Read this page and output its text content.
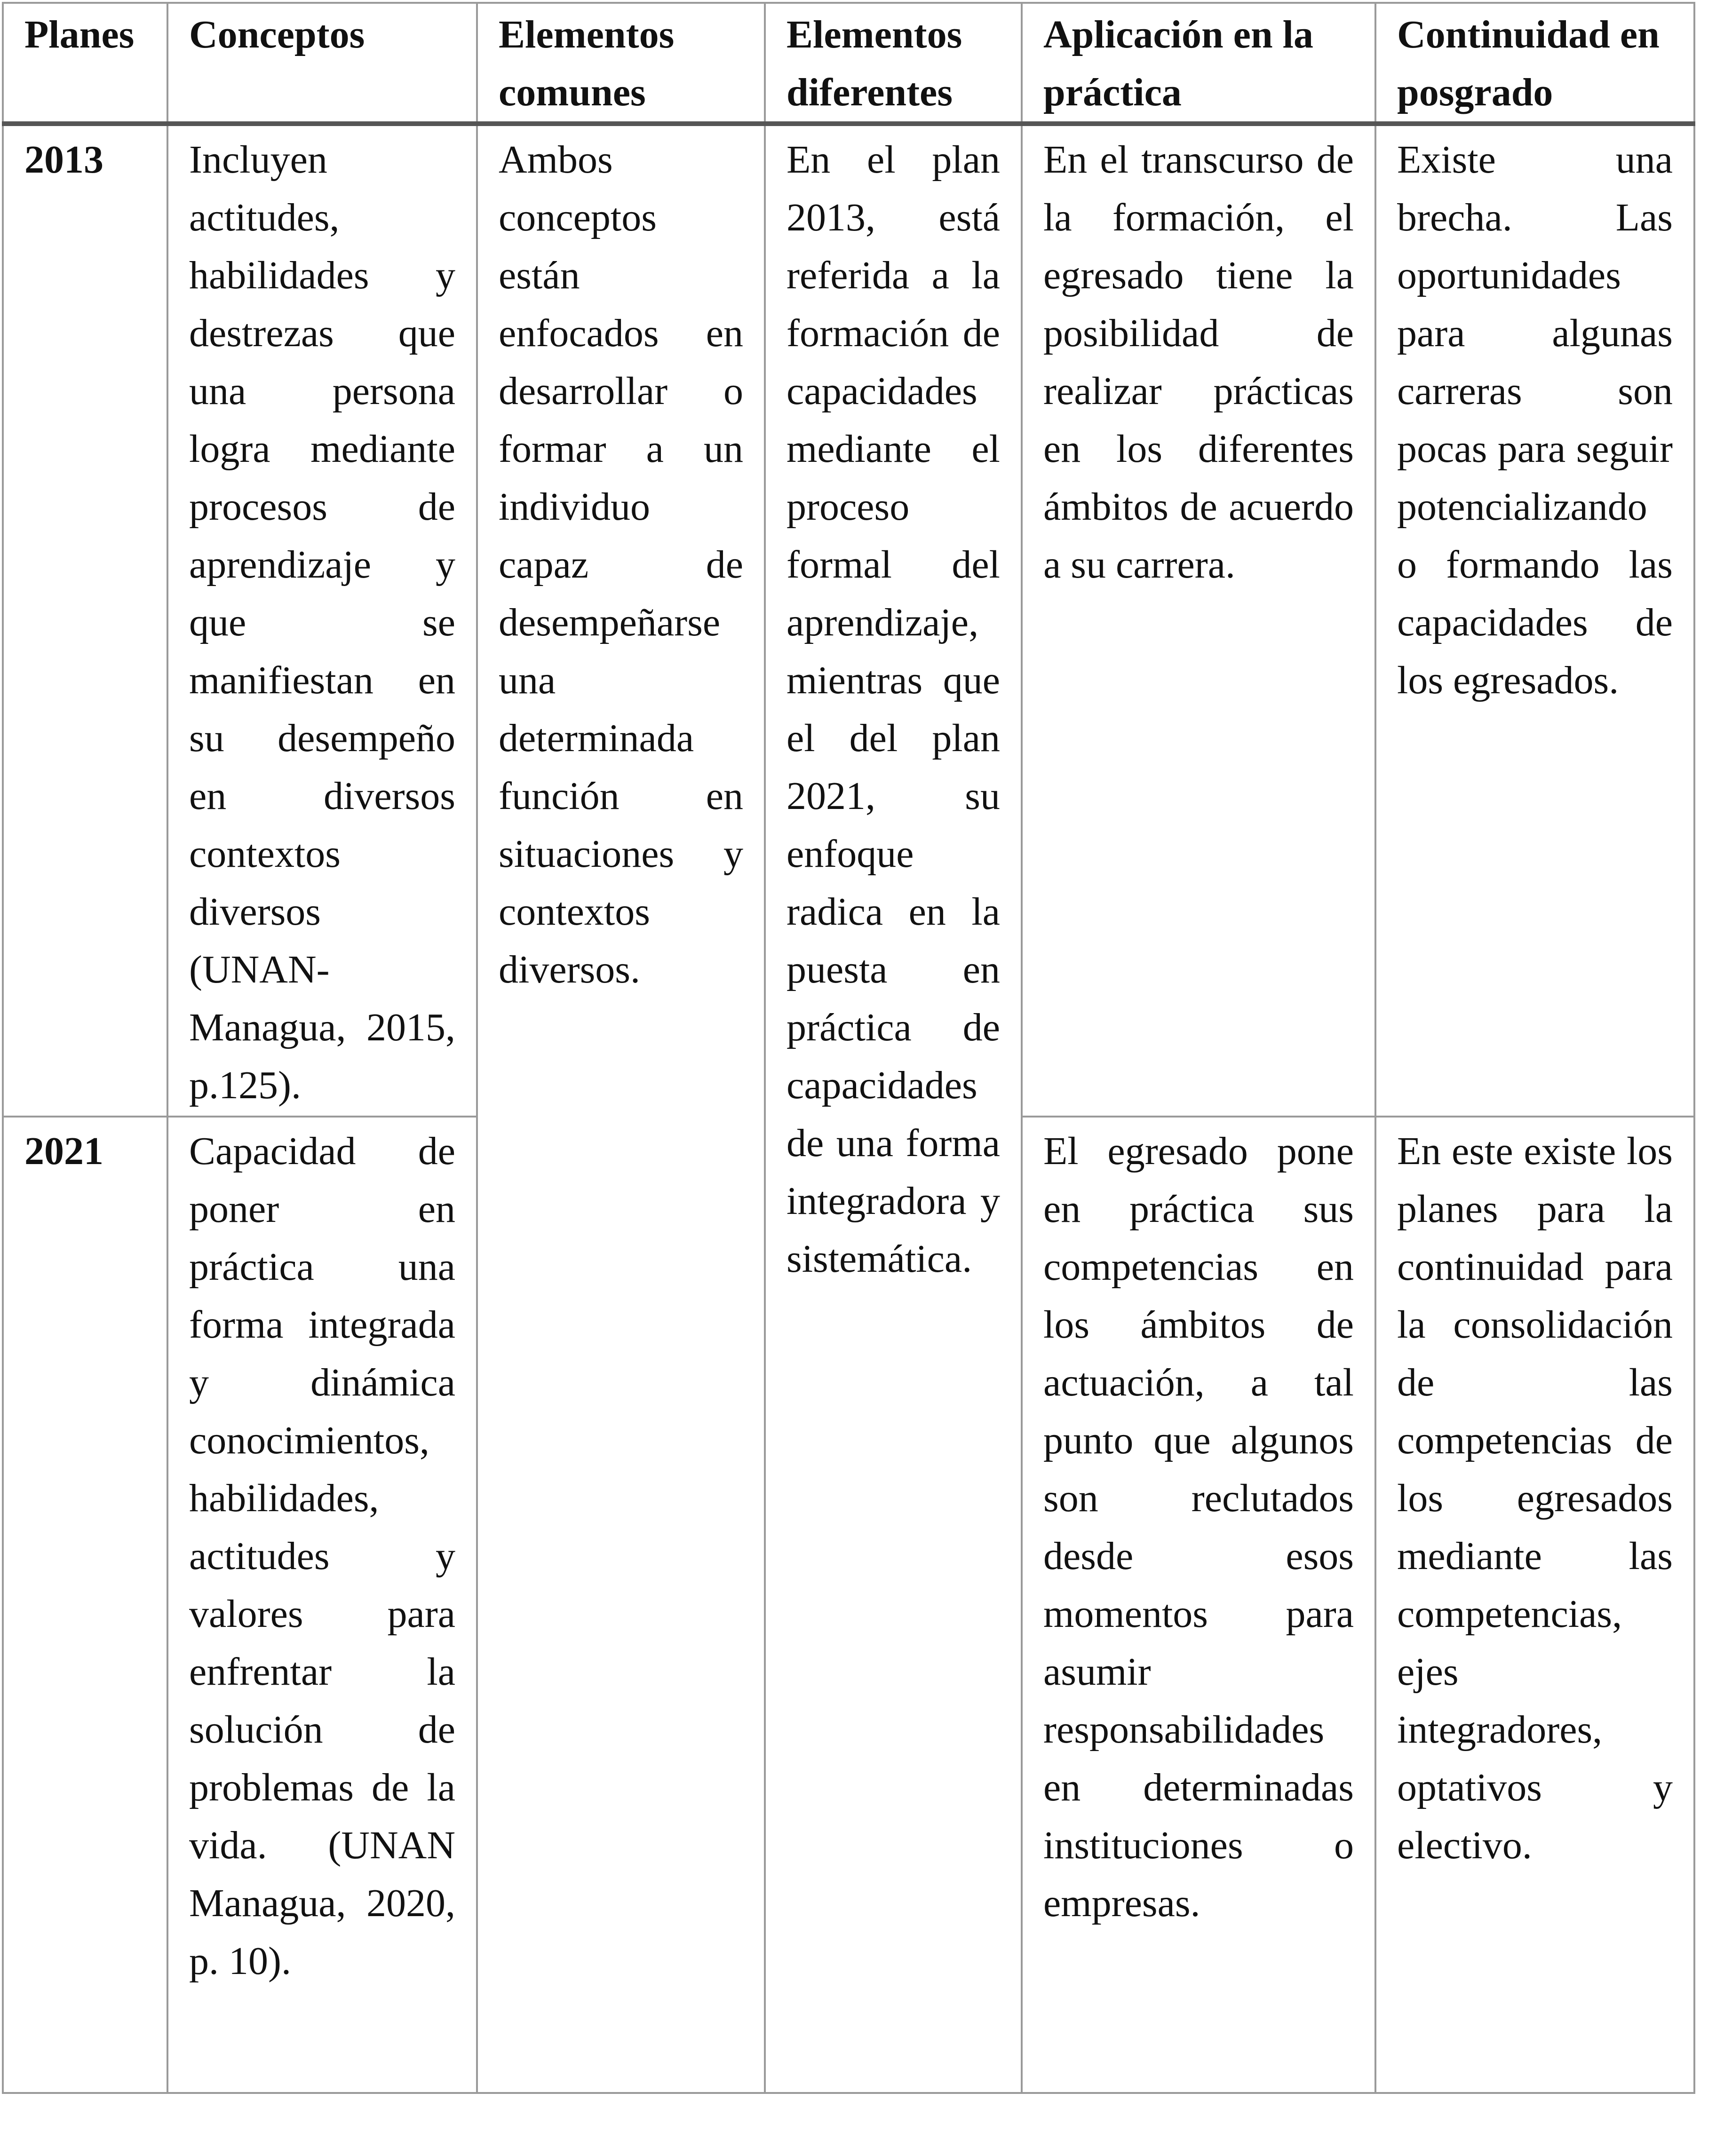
Planes	Conceptos	Elementos comunes	Elementos diferentes	Aplicación en la práctica	Continuidad en posgrado
2013	Incluyen actitudes, habilidades y destrezas que una persona logra mediante procesos de aprendizaje y que se manifiestan en su desempeño en diversos contextos diversos (UNAN-Managua, 2015, p.125).	Ambos conceptos están enfocados en desarrollar o formar a un individuo capaz de desempeñarse una determinada función en situaciones y contextos diversos.	En el plan 2013, está referida a la formación de capacidades mediante el proceso formal del aprendizaje, mientras que el del plan 2021, su enfoque radica en la puesta en práctica de capacidades de una forma integradora y sistemática.	En el transcurso de la formación, el egresado tiene la posibilidad de realizar prácticas en los diferentes ámbitos de acuerdo a su carrera.	Existe una brecha. Las oportunidades para algunas carreras son pocas para seguir potencializando o formando las capacidades de los egresados.
2021	Capacidad de poner en práctica una forma integrada y dinámica conocimientos, habilidades, actitudes y valores para enfrentar la solución de problemas de la vida. (UNAN Managua, 2020, p. 10).			El egresado pone en práctica sus competencias en los ámbitos de actuación, a tal punto que algunos son reclutados desde esos momentos para asumir responsabilidades en determinadas instituciones o empresas.	En este existe los planes para la continuidad para la consolidación de las competencias de los egresados mediante las competencias, ejes integradores, optativos y electivo.
